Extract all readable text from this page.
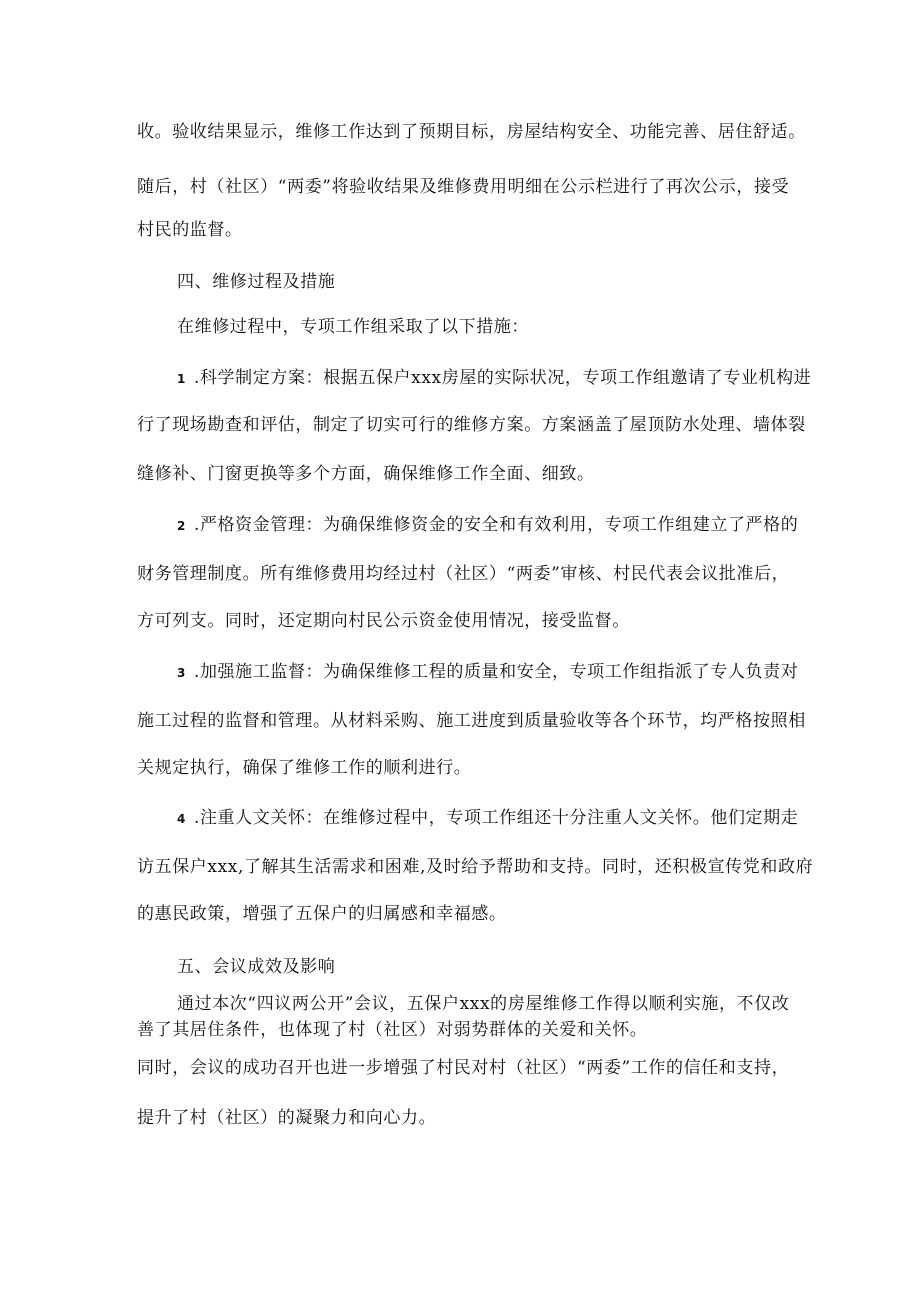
收。验收结果显示，维修工作达到了预期目标，房屋结构安全、功能完善、居住舒适。

随后，村（社区）“两委”将验收结果及维修费用明细在公示栏进行了再次公示，接受

村民的监督。

四、维修过程及措施

在维修过程中，专项工作组采取了以下措施：

1 .科学制定方案：根据五保户xxx房屋的实际状况，专项工作组邀请了专业机构进

行了现场勘查和评估，制定了切实可行的维修方案。方案涵盖了屋顶防水处理、墙体裂

缝修补、门窗更换等多个方面，确保维修工作全面、细致。

2 .严格资金管理：为确保维修资金的安全和有效利用，专项工作组建立了严格的

财务管理制度。所有维修费用均经过村（社区）“两委”审核、村民代表会议批准后，

方可列支。同时，还定期向村民公示资金使用情况，接受监督。

3 .加强施工监督：为确保维修工程的质量和安全，专项工作组指派了专人负责对

施工过程的监督和管理。从材料采购、施工进度到质量验收等各个环节，均严格按照相

关规定执行，确保了维修工作的顺利进行。

4 .注重人文关怀：在维修过程中，专项工作组还十分注重人文关怀。他们定期走

访五保户xxx,了解其生活需求和困难,及时给予帮助和支持。同时，还积极宣传党和政府

的惠民政策，增强了五保户的归属感和幸福感。

五、会议成效及影响

通过本次“四议两公开”会议，五保户xxx的房屋维修工作得以顺利实施，不仅改

善了其居住条件，也体现了村（社区）对弱势群体的关爱和关怀。

同时，会议的成功召开也进一步增强了村民对村（社区）“两委”工作的信任和支持，

提升了村（社区）的凝聚力和向心力。
